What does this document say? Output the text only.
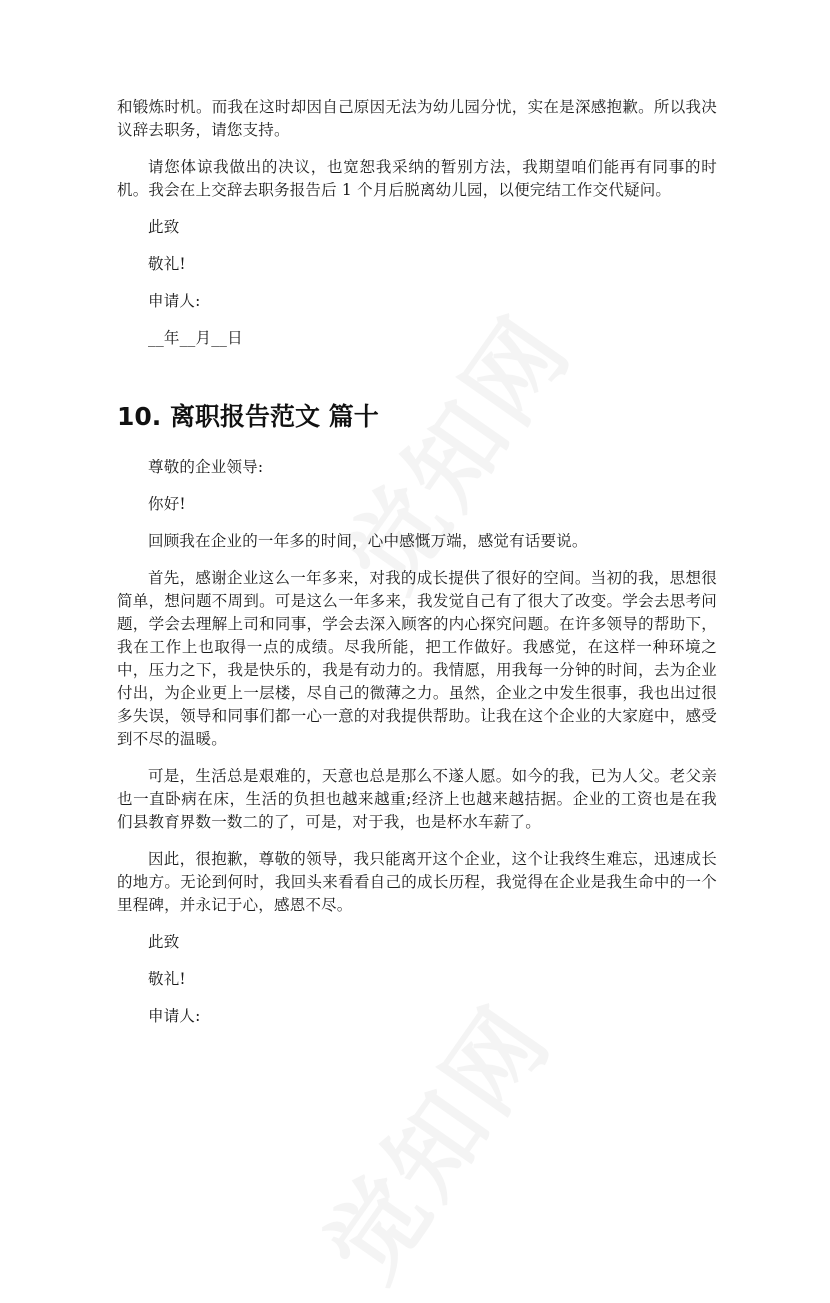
和锻炼时机。而我在这时却因自己原因无法为幼儿园分忧，实在是深感抱歉。所以我决议辞去职务，请您支持。

请您体谅我做出的决议，也宽恕我采纳的暂别方法，我期望咱们能再有同事的时机。我会在上交辞去职务报告后 1 个月后脱离幼儿园，以便完结工作交代疑问。

此致

敬礼!

申请人:

__年__月__日

10. 离职报告范文 篇十

尊敬的企业领导:

你好!

回顾我在企业的一年多的时间，心中感慨万端，感觉有话要说。

首先，感谢企业这么一年多来，对我的成长提供了很好的空间。当初的我，思想很简单，想问题不周到。可是这么一年多来，我发觉自己有了很大了改变。学会去思考问题，学会去理解上司和同事，学会去深入顾客的内心探究问题。在许多领导的帮助下，我在工作上也取得一点的成绩。尽我所能，把工作做好。我感觉，在这样一种环境之中，压力之下，我是快乐的，我是有动力的。我情愿，用我每一分钟的时间，去为企业付出，为企业更上一层楼，尽自己的微薄之力。虽然，企业之中发生很事，我也出过很多失误，领导和同事们都一心一意的对我提供帮助。让我在这个企业的大家庭中，感受到不尽的温暖。

可是，生活总是艰难的，天意也总是那么不遂人愿。如今的我，已为人父。老父亲也一直卧病在床，生活的负担也越来越重;经济上也越来越拮据。企业的工资也是在我们县教育界数一数二的了，可是，对于我，也是杯水车薪了。

因此，很抱歉，尊敬的领导，我只能离开这个企业，这个让我终生难忘，迅速成长的地方。无论到何时，我回头来看看自己的成长历程，我觉得在企业是我生命中的一个里程碑，并永记于心，感恩不尽。

此致

敬礼!

申请人:
